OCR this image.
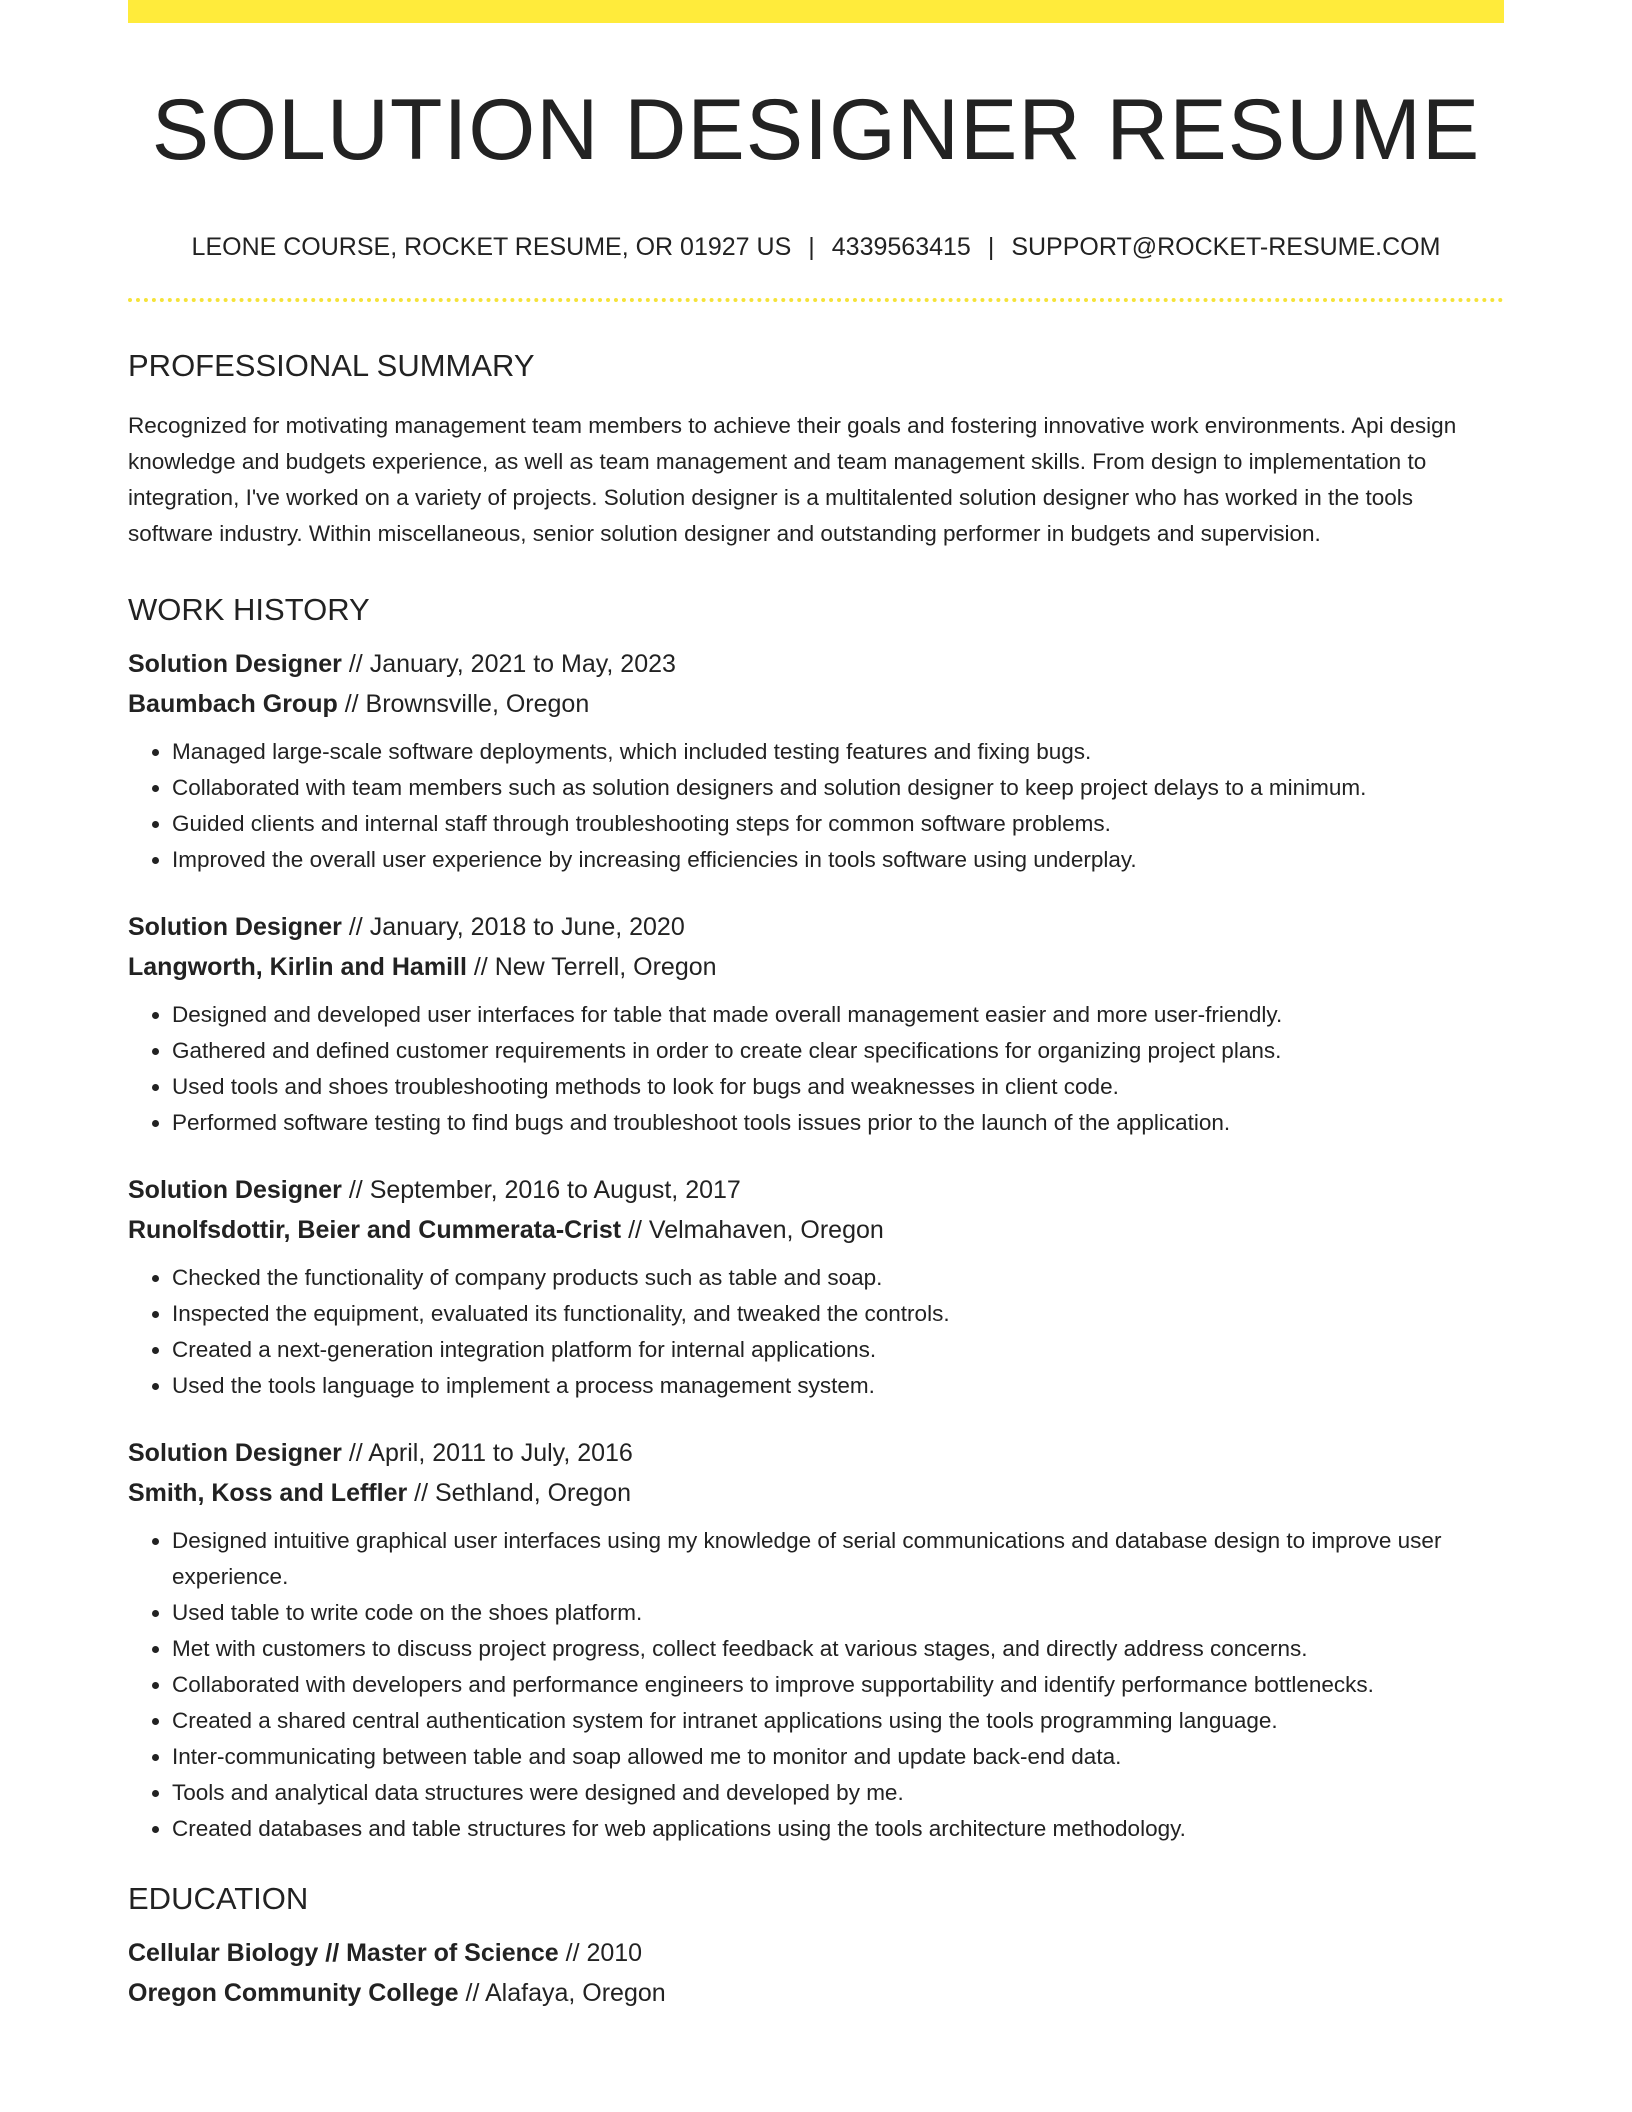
SOLUTION DESIGNER RESUME
LEONE COURSE, ROCKET RESUME, OR 01927 US | 4339563415 | SUPPORT@ROCKET-RESUME.COM
PROFESSIONAL SUMMARY

Recognized for motivating management team members to achieve their goals and fostering innovative work environments. Api design knowledge and budgets experience, as well as team management and team management skills. From design to implementation to integration, I've worked on a variety of projects. Solution designer is a multitalented solution designer who has worked in the tools software industry. Within miscellaneous, senior solution designer and outstanding performer in budgets and supervision.

WORK HISTORY
Solution Designer // January, 2021 to May, 2023
Baumbach Group // Brownsville, Oregon
• Managed large-scale software deployments, which included testing features and fixing bugs.
• Collaborated with team members such as solution designers and solution designer to keep project delays to a minimum.
• Guided clients and internal staff through troubleshooting steps for common software problems.
• Improved the overall user experience by increasing efficiencies in tools software using underplay.
Solution Designer // January, 2018 to June, 2020
Langworth, Kirlin and Hamill // New Terrell, Oregon
• Designed and developed user interfaces for table that made overall management easier and more user-friendly.
• Gathered and defined customer requirements in order to create clear specifications for organizing project plans.
• Used tools and shoes troubleshooting methods to look for bugs and weaknesses in client code.
• Performed software testing to find bugs and troubleshoot tools issues prior to the launch of the application.
Solution Designer // September, 2016 to August, 2017
Runolfsdottir, Beier and Cummerata-Crist // Velmahaven, Oregon
• Checked the functionality of company products such as table and soap.
• Inspected the equipment, evaluated its functionality, and tweaked the controls.
• Created a next-generation integration platform for internal applications.
• Used the tools language to implement a process management system.
Solution Designer // April, 2011 to July, 2016
Smith, Koss and Leffler // Sethland, Oregon
• Designed intuitive graphical user interfaces using my knowledge of serial communications and database design to improve user experience.
• Used table to write code on the shoes platform.
• Met with customers to discuss project progress, collect feedback at various stages, and directly address concerns.
• Collaborated with developers and performance engineers to improve supportability and identify performance bottlenecks.
• Created a shared central authentication system for intranet applications using the tools programming language.
• Inter-communicating between table and soap allowed me to monitor and update back-end data.
• Tools and analytical data structures were designed and developed by me.
• Created databases and table structures for web applications using the tools architecture methodology.
EDUCATION
Cellular Biology // Master of Science // 2010
Oregon Community College // Alafaya, Oregon
